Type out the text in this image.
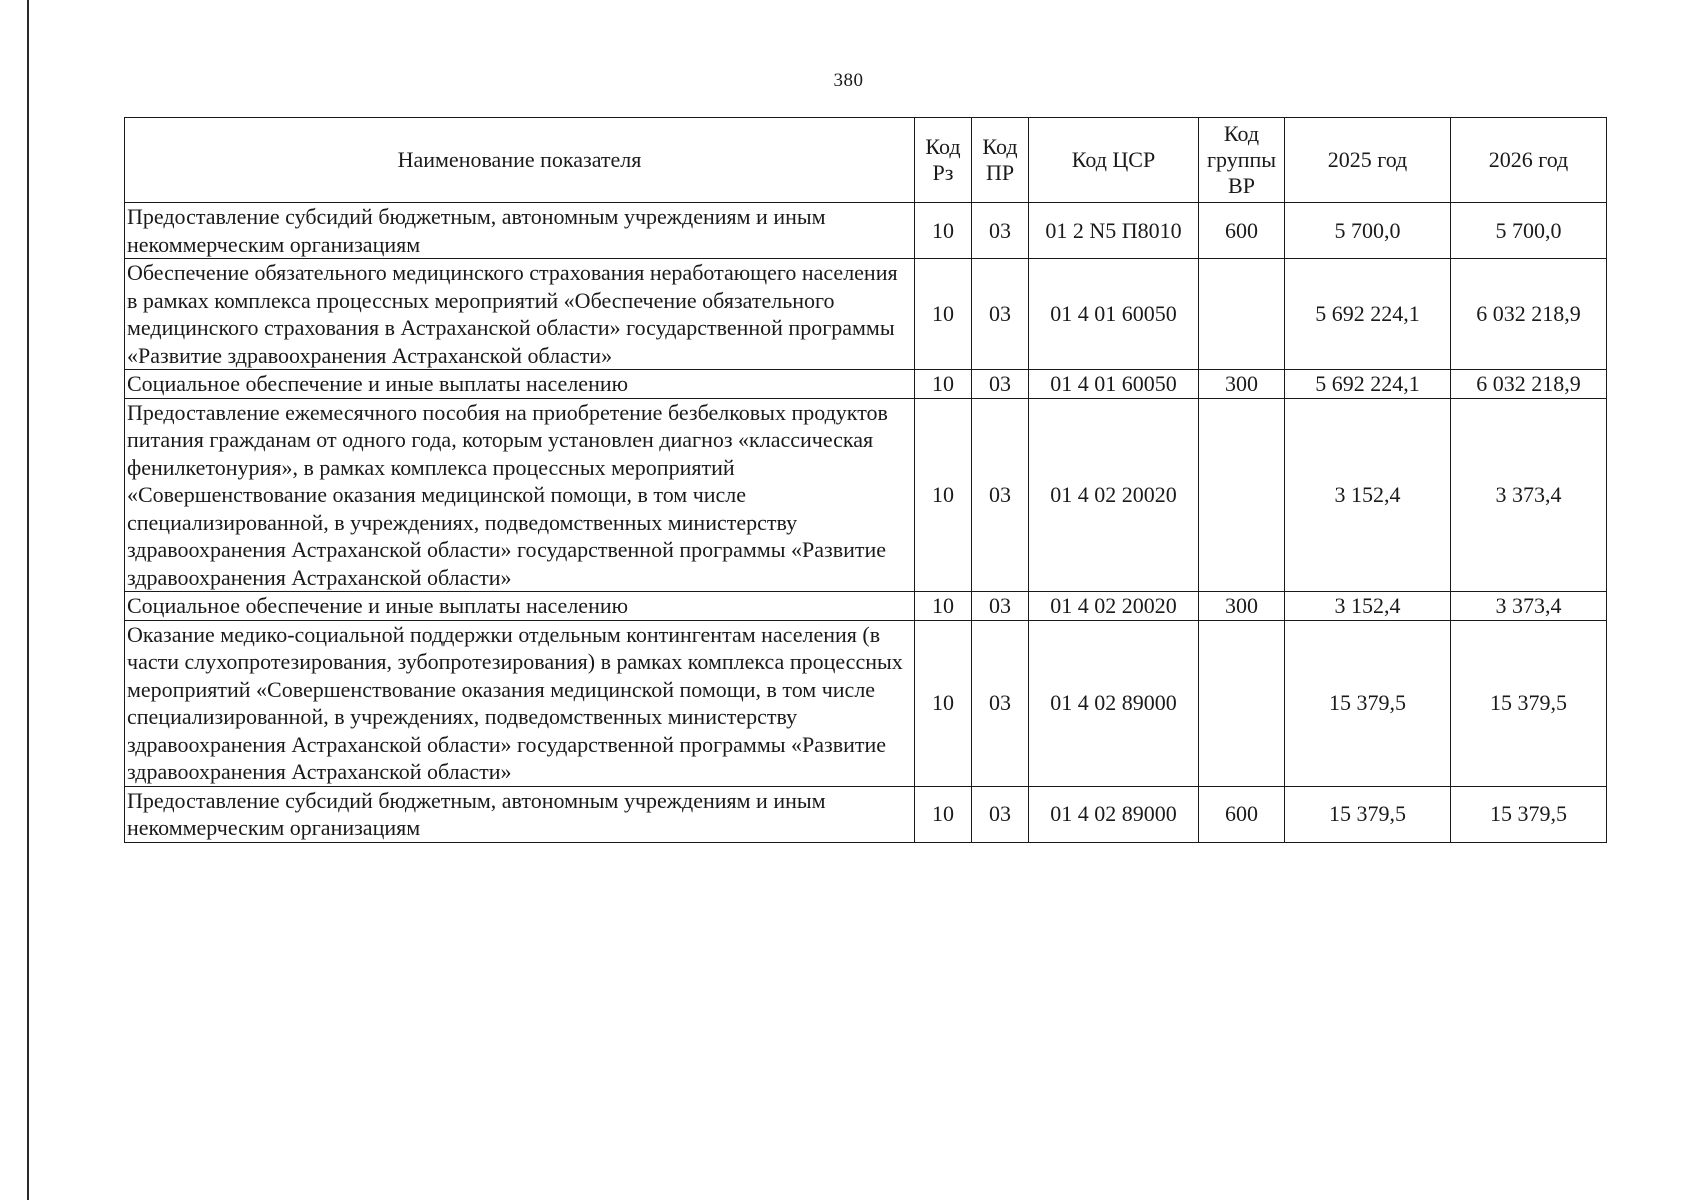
380
Наименование показателя	Код Рз	Код ПР	Код ЦСР	Код группы ВР	2025 год	2026 год
Предоставление субсидий бюджетным, автономным учреждениям и иным некоммерческим организациям	10	03	01 2 N5 П8010	600	5 700,0	5 700,0
Обеспечение обязательного медицинского страхования неработающего населения в рамках комплекса процессных мероприятий «Обеспечение обязательного медицинского страхования в Астраханской области» государственной программы «Развитие здравоохранения Астраханской области»	10	03	01 4 01 60050		5 692 224,1	6 032 218,9
Социальное обеспечение и иные выплаты населению	10	03	01 4 01 60050	300	5 692 224,1	6 032 218,9
Предоставление ежемесячного пособия на приобретение безбелковых продуктов питания гражданам от одного года, которым установлен диагноз «классическая фенилкетонурия», в рамках комплекса процессных мероприятий «Совершенствование оказания медицинской помощи, в том числе специализированной, в учреждениях, подведомственных министерству здравоохранения Астраханской области» государственной программы «Развитие здравоохранения Астраханской области»	10	03	01 4 02 20020		3 152,4	3 373,4
Социальное обеспечение и иные выплаты населению	10	03	01 4 02 20020	300	3 152,4	3 373,4
Оказание медико-социальной поддержки отдельным контингентам населения (в части слухопротезирования, зубопротезирования) в рамках комплекса процессных мероприятий «Совершенствование оказания медицинской помощи, в том числе специализированной, в учреждениях, подведомственных министерству здравоохранения Астраханской области» государственной программы «Развитие здравоохранения Астраханской области»	10	03	01 4 02 89000		15 379,5	15 379,5
Предоставление субсидий бюджетным, автономным учреждениям и иным некоммерческим организациям	10	03	01 4 02 89000	600	15 379,5	15 379,5
